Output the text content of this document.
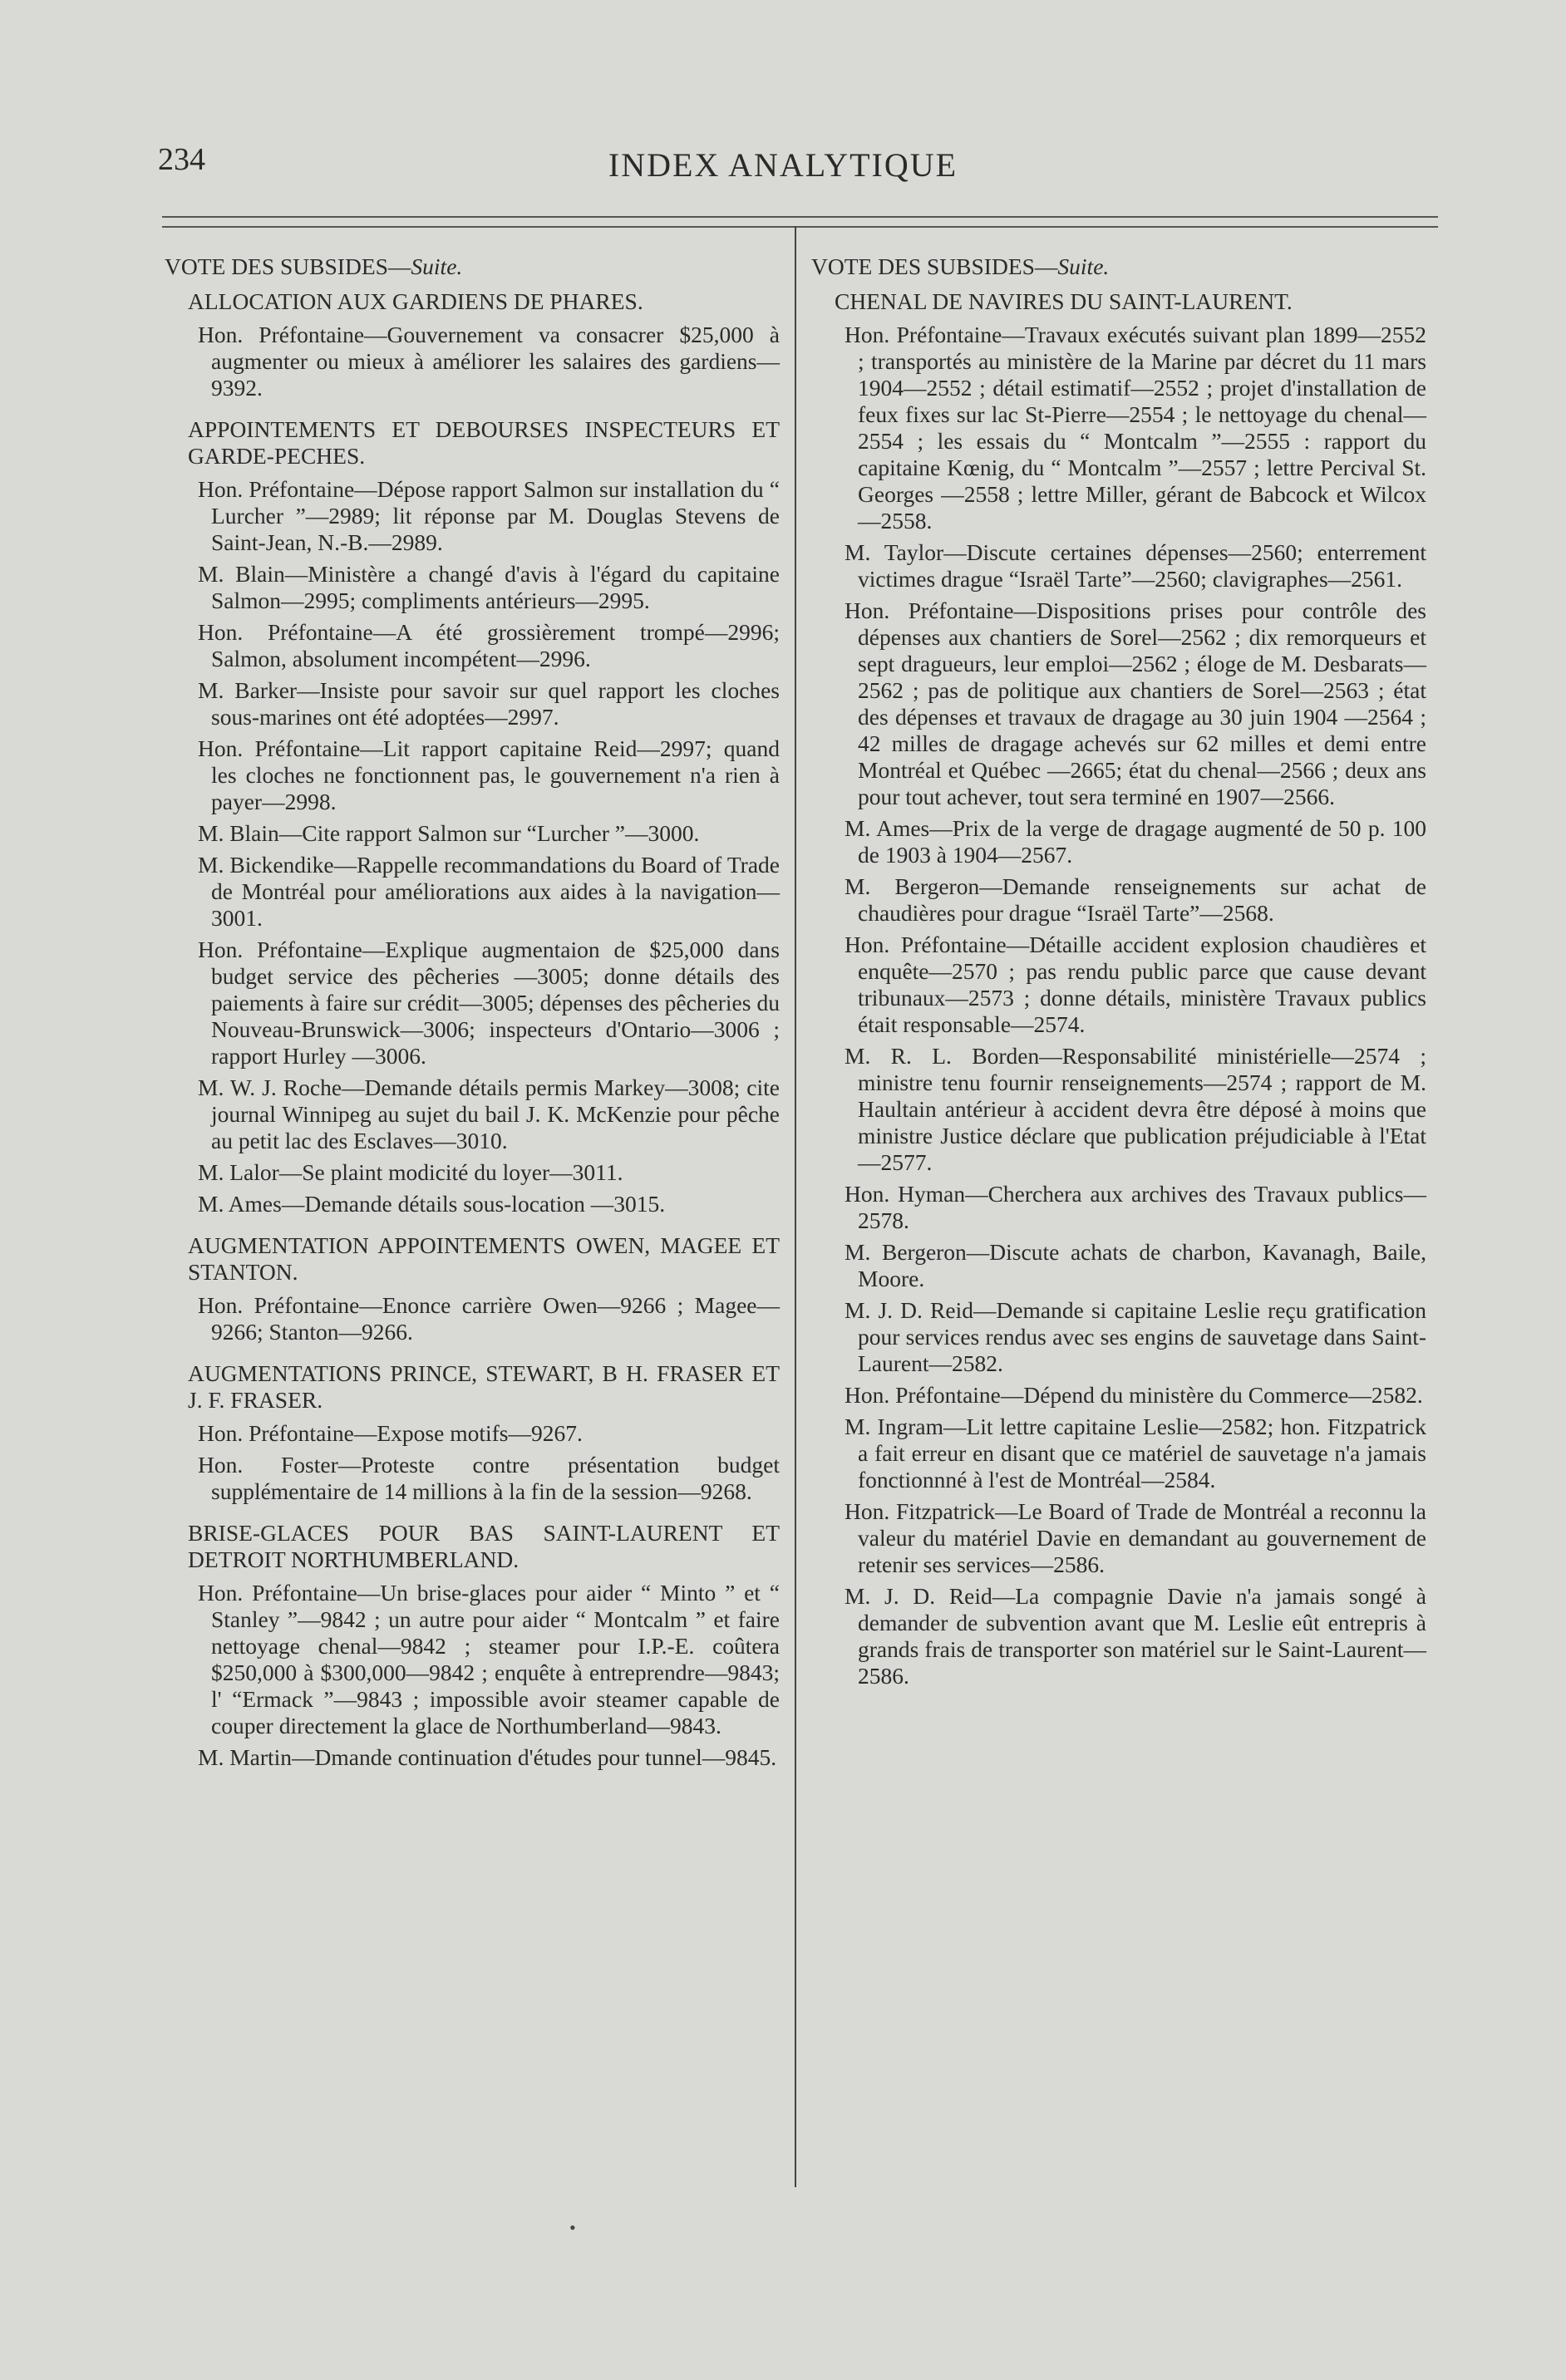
234	INDEX ANALYTIQUE
VOTE DES SUBSIDES—Suite.
ALLOCATION AUX GARDIENS DE PHARES.
Hon. Préfontaine—Gouvernement va consacrer $25,000 à augmenter ou mieux à améliorer les salaires des gardiens—9392.
APPOINTEMENTS ET DEBOURSES INSPECTEURS ET GARDE-PECHES.
Hon. Préfontaine—Dépose rapport Salmon sur installation du “ Lurcher ”—2989; lit réponse par M. Douglas Stevens de Saint-Jean, N.-B.—2989.
M. Blain—Ministère a changé d'avis à l'égard du capitaine Salmon—2995; compliments antérieurs—2995.
Hon. Préfontaine—A été grossièrement trompé—2996; Salmon, absolument incompétent—2996.
M. Barker—Insiste pour savoir sur quel rapport les cloches sous-marines ont été adoptées—2997.
Hon. Préfontaine—Lit rapport capitaine Reid—2997; quand les cloches ne fonctionnent pas, le gouvernement n'a rien à payer—2998.
M. Blain—Cite rapport Salmon sur “Lurcher ”—3000.
M. Bickendike—Rappelle recommandations du Board of Trade de Montréal pour améliorations aux aides à la navigation—3001.
Hon. Préfontaine—Explique augmentaion de $25,000 dans budget service des pêcheries —3005; donne détails des paiements à faire sur crédit—3005; dépenses des pêcheries du Nouveau-Brunswick—3006; inspecteurs d'Ontario—3006 ; rapport Hurley —3006.
M. W. J. Roche—Demande détails permis Markey—3008; cite journal Winnipeg au sujet du bail J. K. McKenzie pour pêche au petit lac des Esclaves—3010.
M. Lalor—Se plaint modicité du loyer—3011.
M. Ames—Demande détails sous-location —3015.
AUGMENTATION APPOINTEMENTS OWEN, MAGEE ET STANTON.
Hon. Préfontaine—Enonce carrière Owen—9266 ; Magee—9266; Stanton—9266.
AUGMENTATIONS PRINCE, STEWART, B H. FRASER ET J. F. FRASER.
Hon. Préfontaine—Expose motifs—9267.
Hon. Foster—Proteste contre présentation budget supplémentaire de 14 millions à la fin de la session—9268.
BRISE-GLACES POUR BAS SAINT-LAURENT ET DETROIT NORTHUMBERLAND.
Hon. Préfontaine—Un brise-glaces pour aider “ Minto ” et “ Stanley ”—9842 ; un autre pour aider “ Montcalm ” et faire nettoyage chenal—9842 ; steamer pour I.P.-E. coûtera $250,000 à $300,000—9842 ; enquête à entreprendre—9843; l' “Ermack ”—9843 ; impossible avoir steamer capable de couper directement la glace de Northumberland—9843.
M. Martin—Dmande continuation d'études pour tunnel—9845.
VOTE DES SUBSIDES—Suite.
CHENAL DE NAVIRES DU SAINT-LAURENT.
Hon. Préfontaine—Travaux exécutés suivant plan 1899—2552 ; transportés au ministère de la Marine par décret du 11 mars 1904—2552 ; détail estimatif—2552 ; projet d'installation de feux fixes sur lac St-Pierre—2554 ; le nettoyage du chenal—2554 ; les essais du “ Montcalm ”—2555 : rapport du capitaine Kœnig, du “ Montcalm ”—2557 ; lettre Percival St. Georges —2558 ; lettre Miller, gérant de Babcock et Wilcox—2558.
M. Taylor—Discute certaines dépenses—2560; enterrement victimes drague “Israël Tarte”—2560; clavigraphes—2561.
Hon. Préfontaine—Dispositions prises pour contrôle des dépenses aux chantiers de Sorel—2562 ; dix remorqueurs et sept dragueurs, leur emploi—2562 ; éloge de M. Desbarats—2562 ; pas de politique aux chantiers de Sorel—2563 ; état des dépenses et travaux de dragage au 30 juin 1904 —2564 ; 42 milles de dragage achevés sur 62 milles et demi entre Montréal et Québec —2665; état du chenal—2566 ; deux ans pour tout achever, tout sera terminé en 1907—2566.
M. Ames—Prix de la verge de dragage augmenté de 50 p. 100 de 1903 à 1904—2567.
M. Bergeron—Demande renseignements sur achat de chaudières pour drague “Israël Tarte”—2568.
Hon. Préfontaine—Détaille accident explosion chaudières et enquête—2570 ; pas rendu public parce que cause devant tribunaux—2573 ; donne détails, ministère Travaux publics était responsable—2574.
M. R. L. Borden—Responsabilité ministérielle—2574 ; ministre tenu fournir renseignements—2574 ; rapport de M. Haultain antérieur à accident devra être déposé à moins que ministre Justice déclare que publication préjudiciable à l'Etat—2577.
Hon. Hyman—Cherchera aux archives des Travaux publics—2578.
M. Bergeron—Discute achats de charbon, Kavanagh, Baile, Moore.
M. J. D. Reid—Demande si capitaine Leslie reçu gratification pour services rendus avec ses engins de sauvetage dans Saint-Laurent—2582.
Hon. Préfontaine—Dépend du ministère du Commerce—2582.
M. Ingram—Lit lettre capitaine Leslie—2582; hon. Fitzpatrick a fait erreur en disant que ce matériel de sauvetage n'a jamais fonctionnné à l'est de Montréal—2584.
Hon. Fitzpatrick—Le Board of Trade de Montréal a reconnu la valeur du matériel Davie en demandant au gouvernement de retenir ses services—2586.
M. J. D. Reid—La compagnie Davie n'a jamais songé à demander de subvention avant que M. Leslie eût entrepris à grands frais de transporter son matériel sur le Saint-Laurent—2586.
•
